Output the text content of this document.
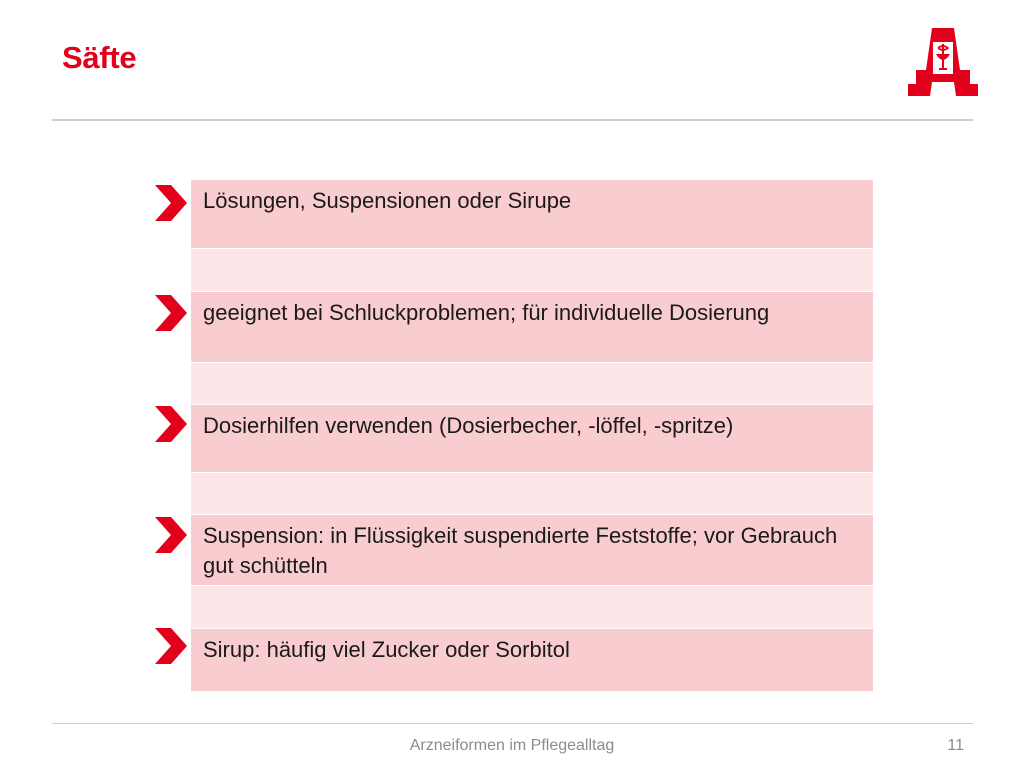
Säfte
Lösungen, Suspensionen oder Sirupe
geeignet bei Schluckproblemen; für individuelle Dosierung
Dosierhilfen verwenden (Dosierbecher, -löffel, -spritze)
Suspension: in Flüssigkeit suspendierte Feststoffe; vor Gebrauch gut schütteln
Sirup: häufig viel Zucker oder Sorbitol
Arzneiformen im Pflegealltag	11
